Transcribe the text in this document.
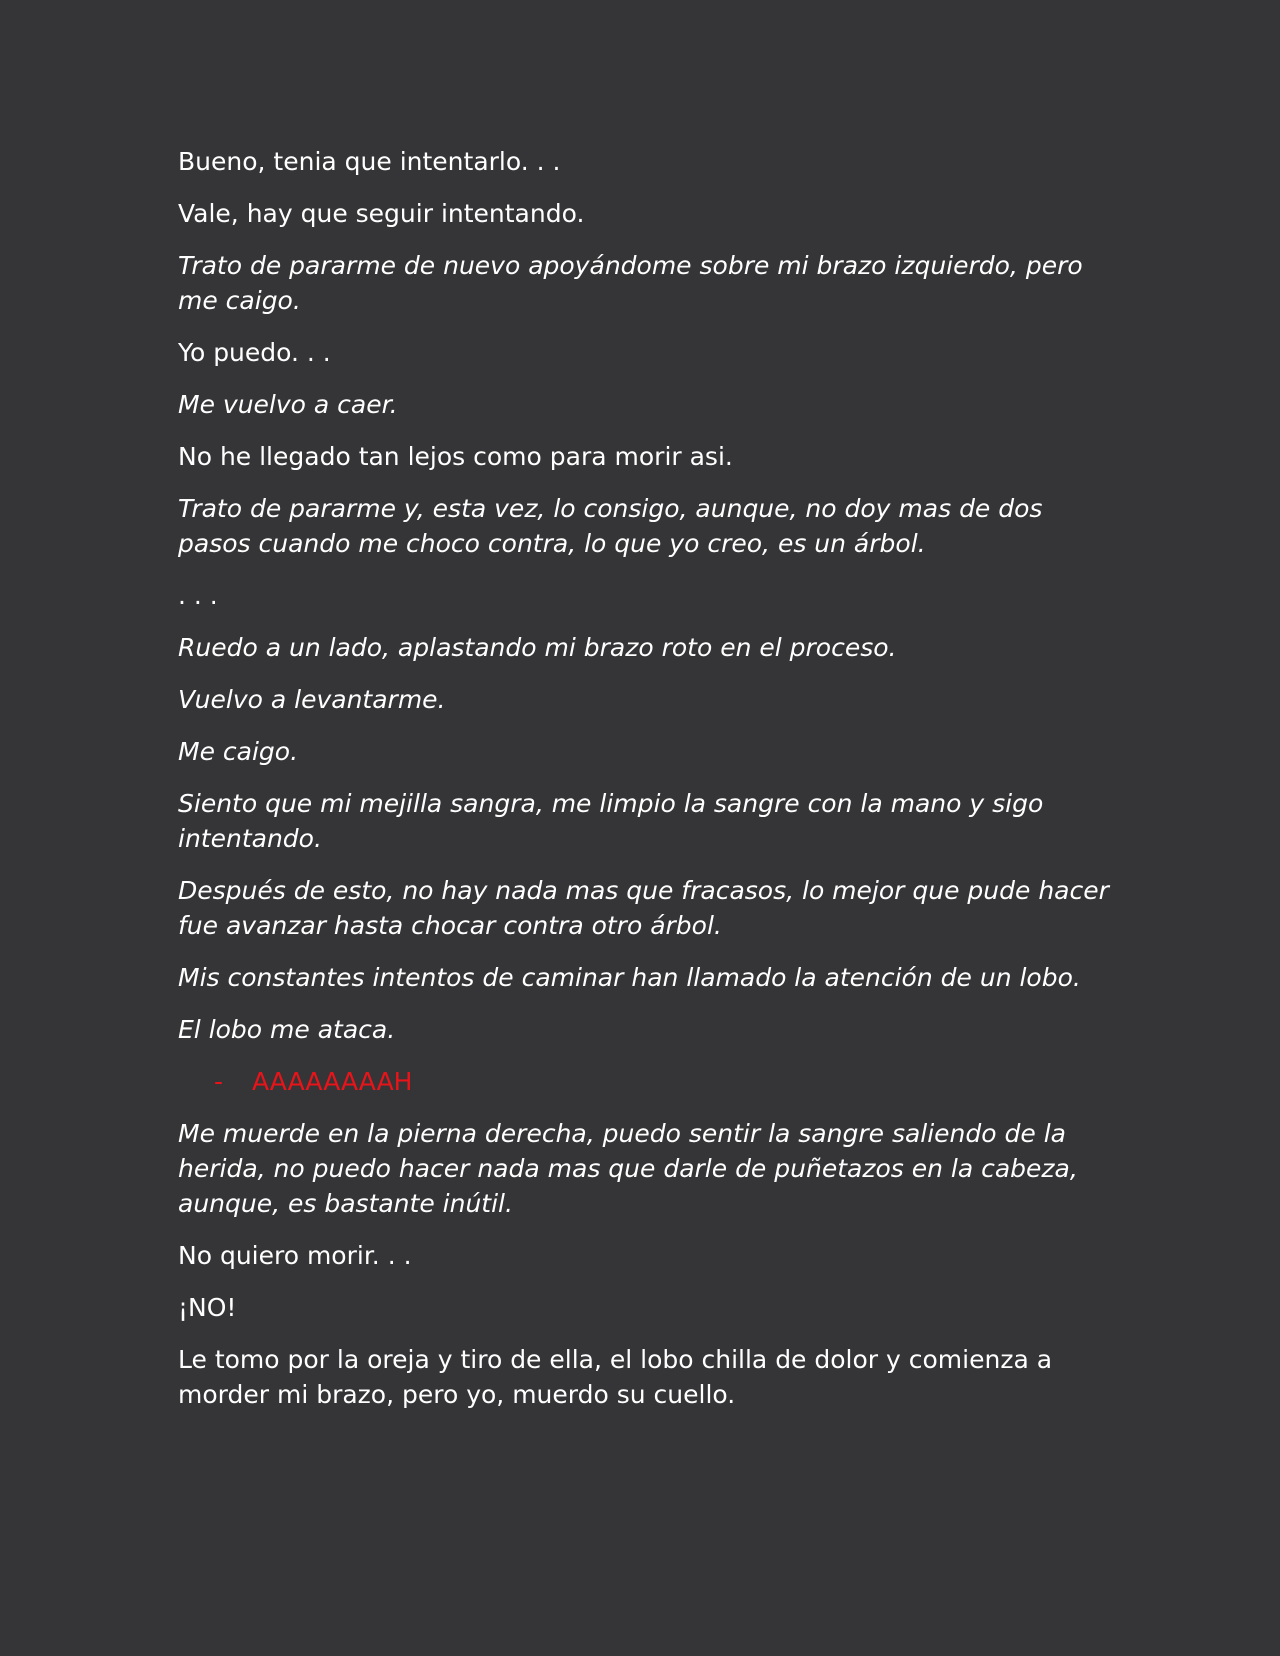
Bueno, tenia que intentarlo. . .

Vale, hay que seguir intentando.

Trato de pararme de nuevo apoyándome sobre mi brazo izquierdo, pero me caigo.

Yo puedo. . .

Me vuelvo a caer.

No he llegado tan lejos como para morir asi.

Trato de pararme y, esta vez, lo consigo, aunque, no doy mas de dos pasos cuando me choco contra, lo que yo creo, es un árbol.

. . .

Ruedo a un lado, aplastando mi brazo roto en el proceso.

Vuelvo a levantarme.

Me caigo.

Siento que mi mejilla sangra, me limpio la sangre con la mano y sigo intentando.

Después de esto, no hay nada mas que fracasos, lo mejor que pude hacer fue avanzar hasta chocar contra otro árbol.

Mis constantes intentos de caminar han llamado la atención de un lobo.

El lobo me ataca.

-	AAAAAAAAH

Me muerde en la pierna derecha, puedo sentir la sangre saliendo de la herida, no puedo hacer nada mas que darle de puñetazos en la cabeza, aunque, es bastante inútil.

No quiero morir. . .

¡NO!

Le tomo por la oreja y tiro de ella, el lobo chilla de dolor y comienza a morder mi brazo, pero yo, muerdo su cuello.
